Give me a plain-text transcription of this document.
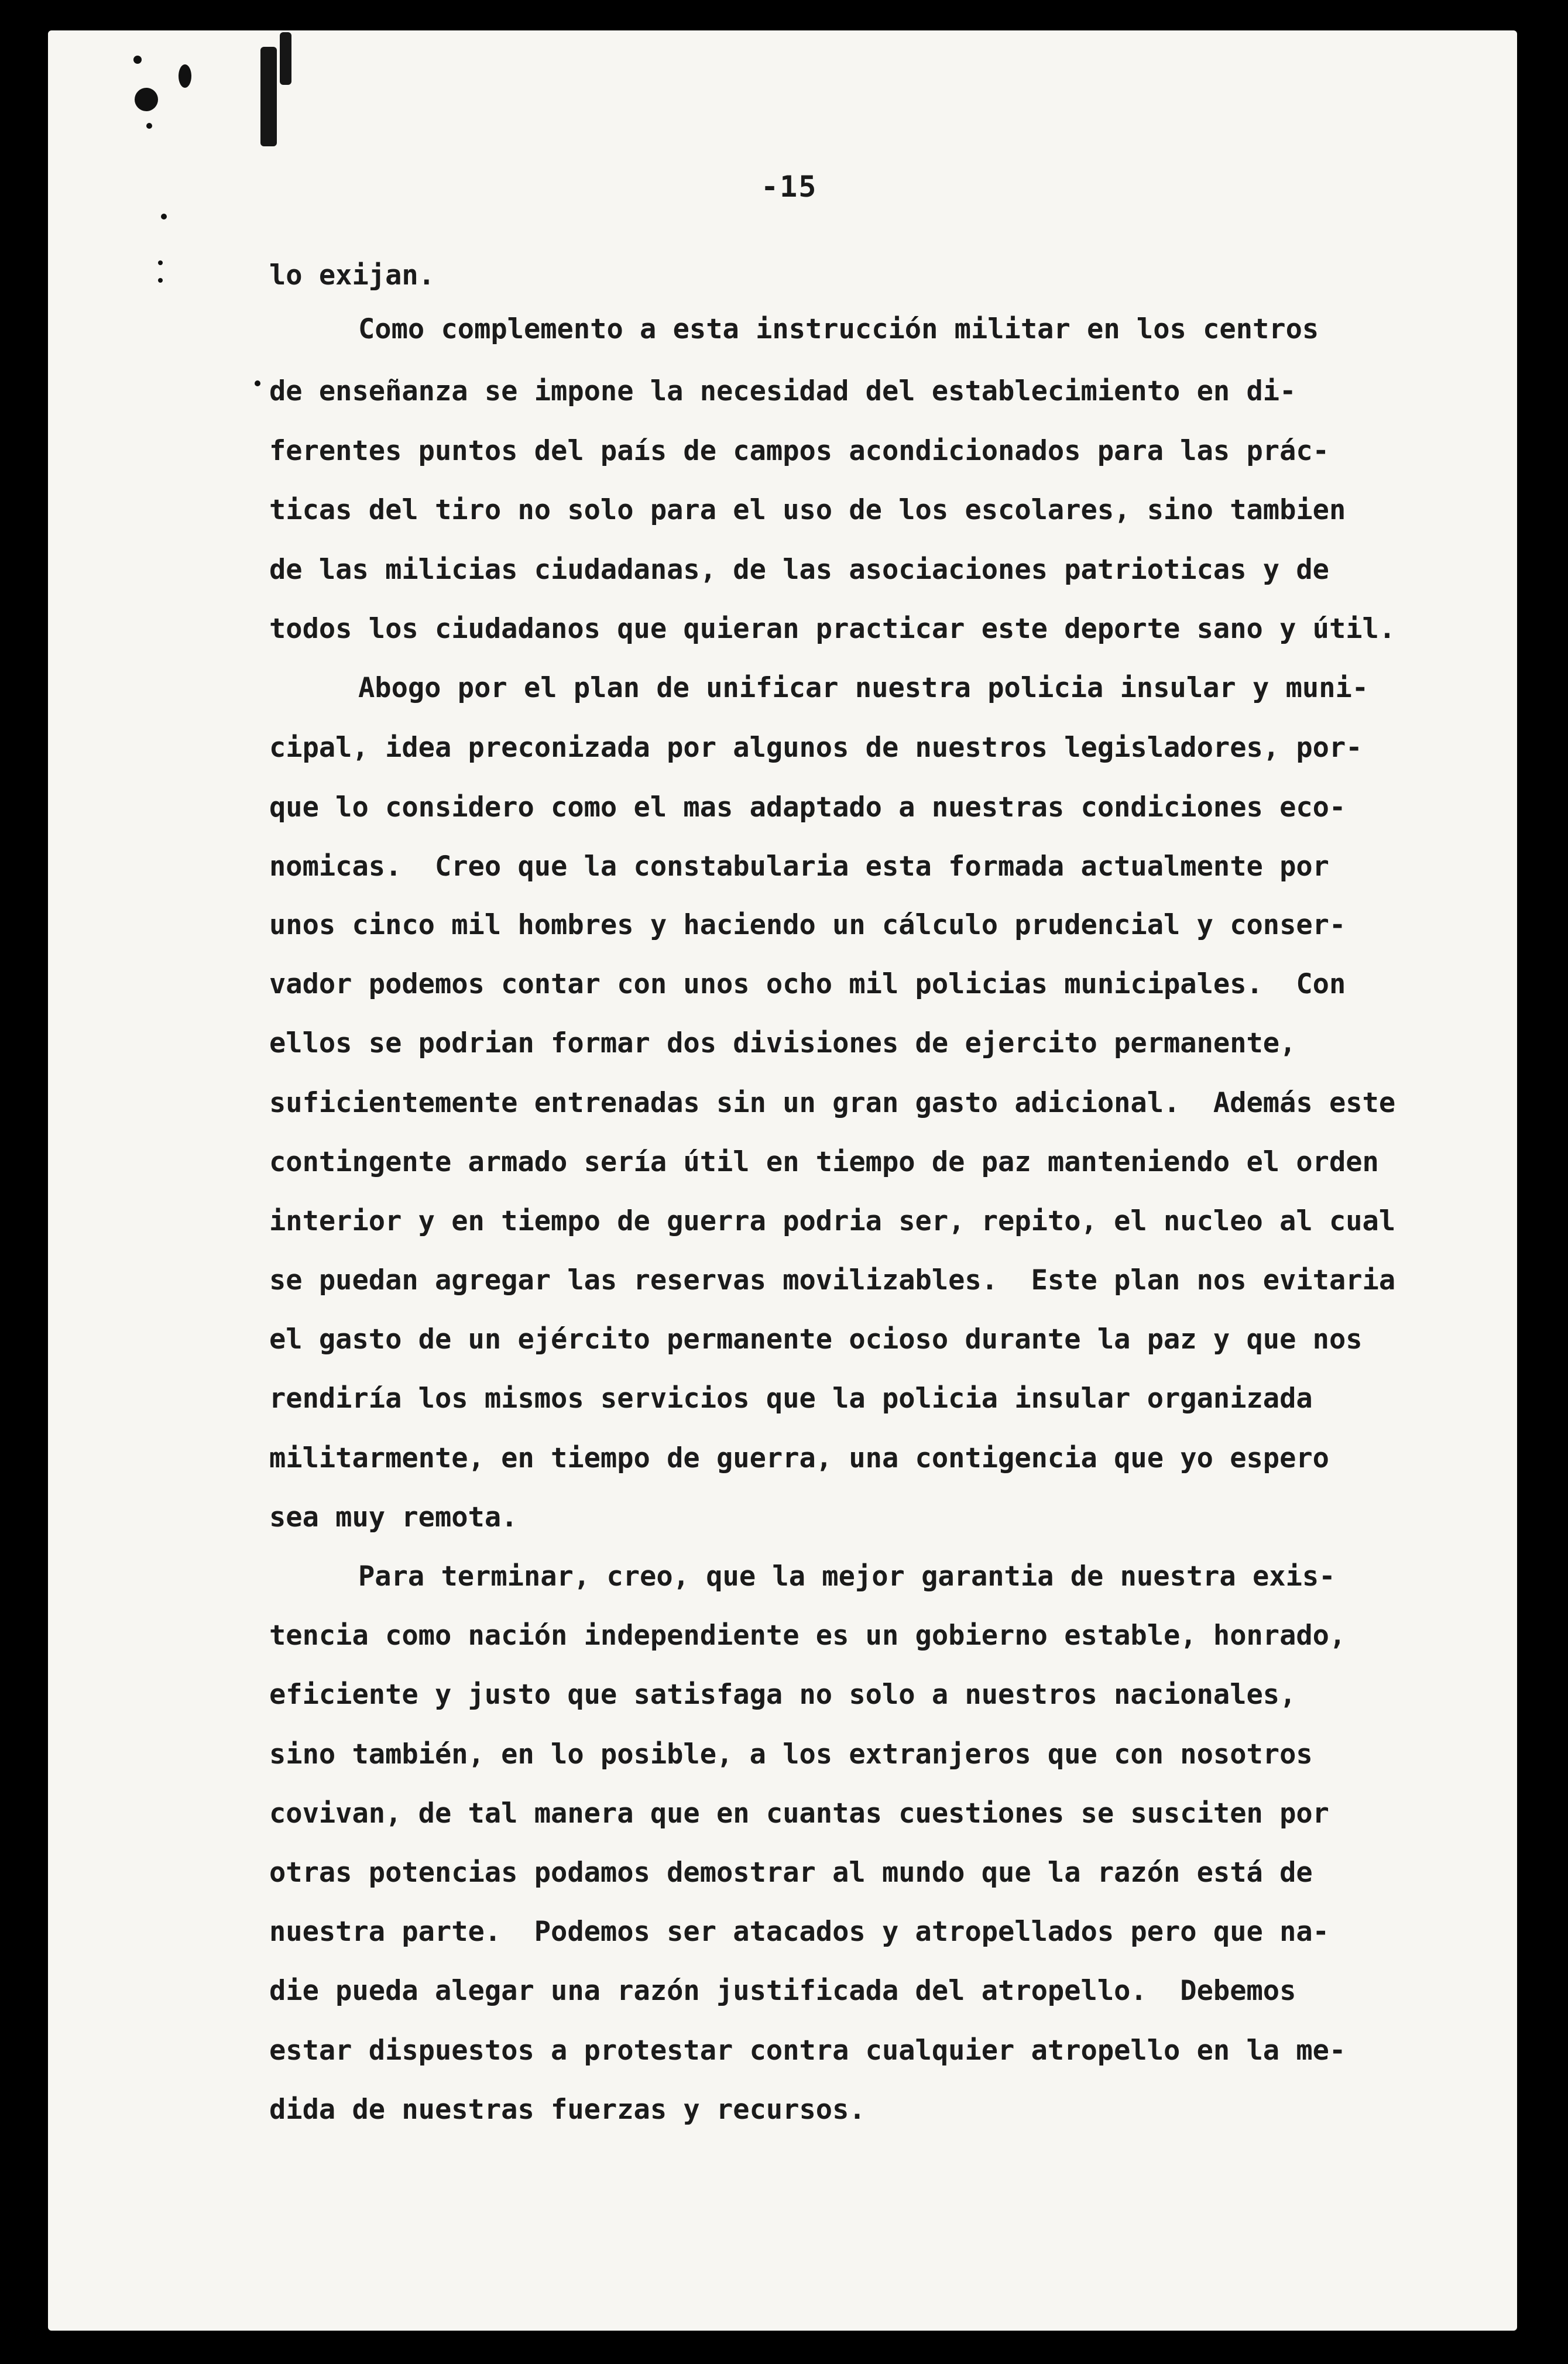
-15
lo exijan.
Como complemento a esta instrucción militar en los centros
de enseñanza se impone la necesidad del establecimiento en di-
ferentes puntos del país de campos acondicionados para las prác-
ticas del tiro no solo para el uso de los escolares, sino tambien
de las milicias ciudadanas, de las asociaciones patrioticas y de
todos los ciudadanos que quieran practicar este deporte sano y útil.
Abogo por el plan de unificar nuestra policia insular y muni-
cipal, idea preconizada por algunos de nuestros legisladores, por-
que lo considero como el mas adaptado a nuestras condiciones eco-
nomicas.  Creo que la constabularia esta formada actualmente por
unos cinco mil hombres y haciendo un cálculo prudencial y conser-
vador podemos contar con unos ocho mil policias municipales.  Con
ellos se podrian formar dos divisiones de ejercito permanente,
suficientemente entrenadas sin un gran gasto adicional.  Además este
contingente armado sería útil en tiempo de paz manteniendo el orden
interior y en tiempo de guerra podria ser, repito, el nucleo al cual
se puedan agregar las reservas movilizables.  Este plan nos evitaria
el gasto de un ejército permanente ocioso durante la paz y que nos
rendiría los mismos servicios que la policia insular organizada
militarmente, en tiempo de guerra, una contigencia que yo espero
sea muy remota.
Para terminar, creo, que la mejor garantia de nuestra exis-
tencia como nación independiente es un gobierno estable, honrado,
eficiente y justo que satisfaga no solo a nuestros nacionales,
sino también, en lo posible, a los extranjeros que con nosotros
covivan, de tal manera que en cuantas cuestiones se susciten por
otras potencias podamos demostrar al mundo que la razón está de
nuestra parte.  Podemos ser atacados y atropellados pero que na-
die pueda alegar una razón justificada del atropello.  Debemos
estar dispuestos a protestar contra cualquier atropello en la me-
dida de nuestras fuerzas y recursos.
